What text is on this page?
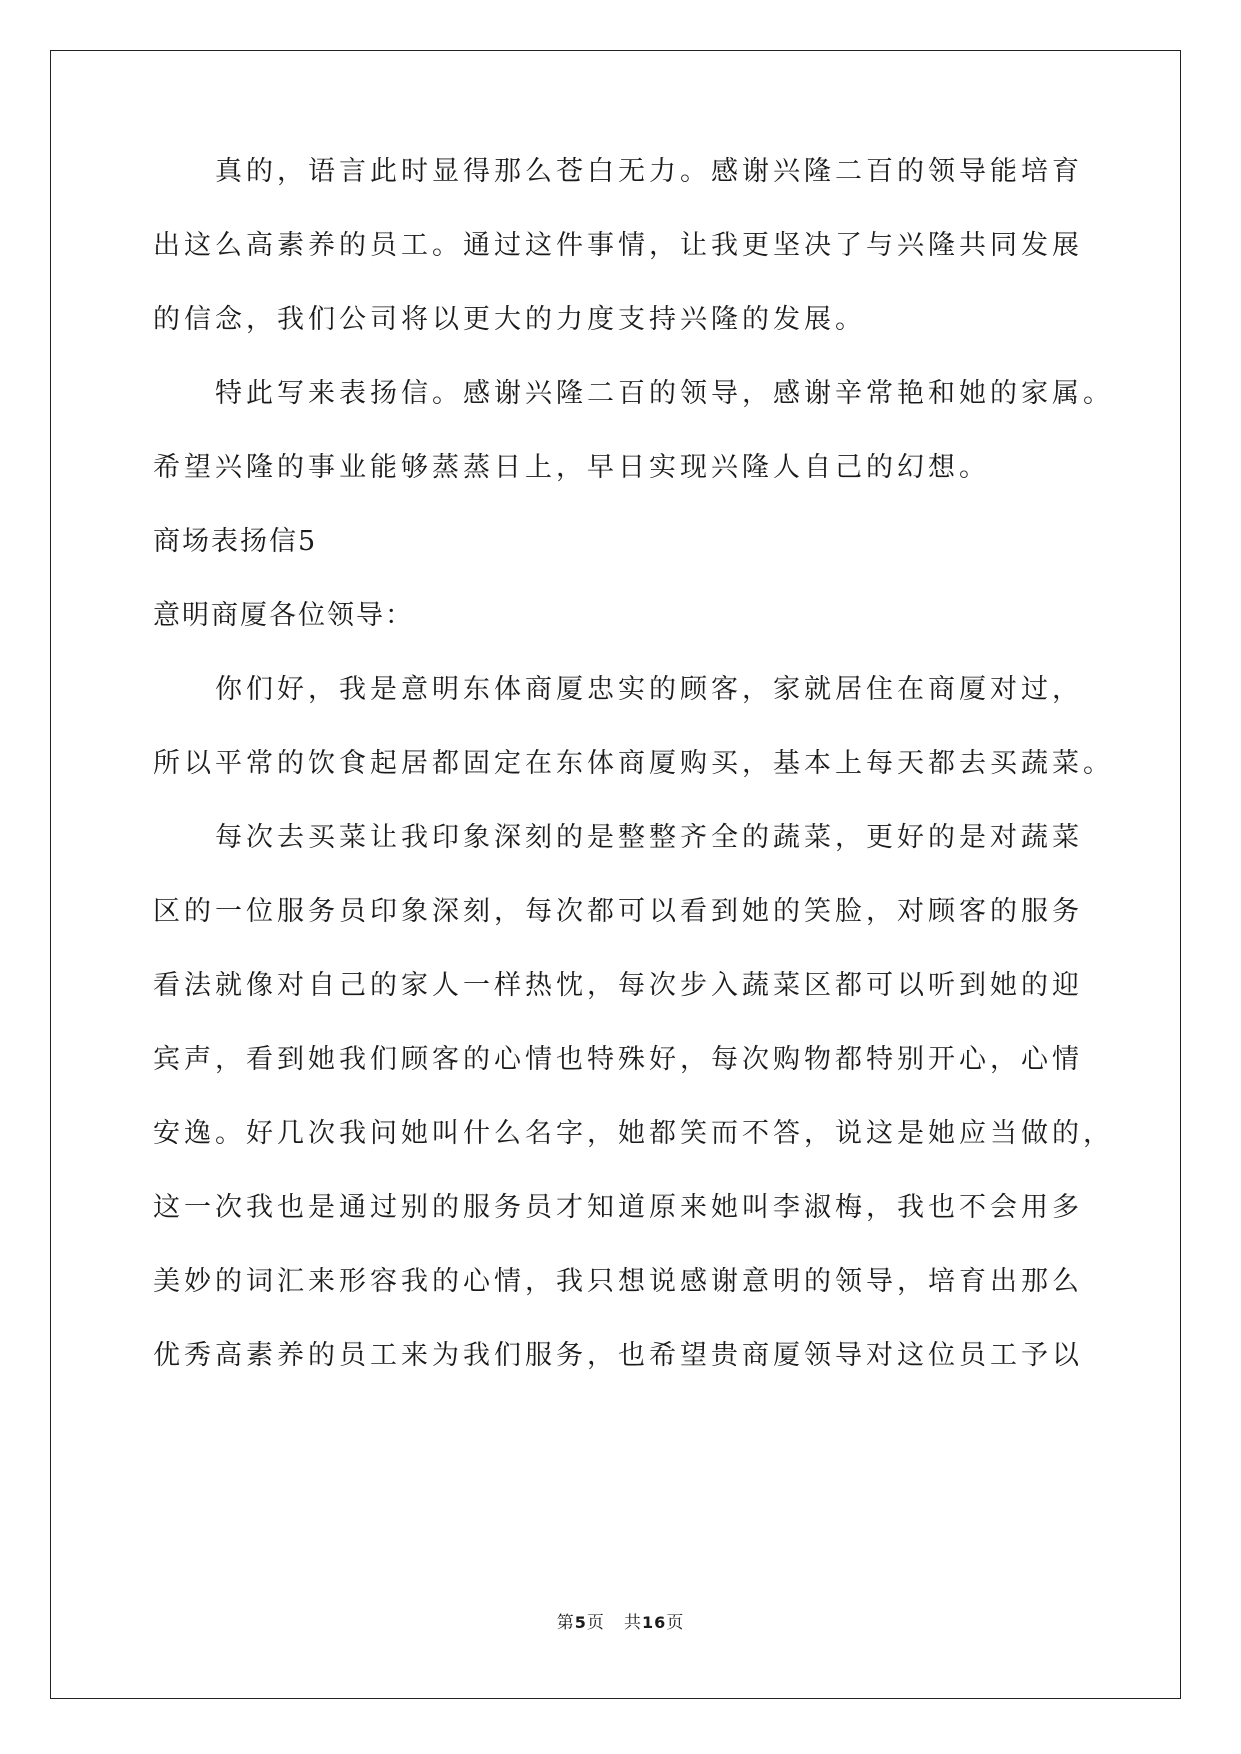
真的，语言此时显得那么苍白无力。感谢兴隆二百的领导能培育
出这么高素养的员工。通过这件事情，让我更坚决了与兴隆共同发展
的信念，我们公司将以更大的力度支持兴隆的发展。
特此写来表扬信。感谢兴隆二百的领导，感谢辛常艳和她的家属。
希望兴隆的事业能够蒸蒸日上，早日实现兴隆人自己的幻想。
商场表扬信5
意明商厦各位领导：
你们好，我是意明东体商厦忠实的顾客，家就居住在商厦对过，
所以平常的饮食起居都固定在东体商厦购买，基本上每天都去买蔬菜。
每次去买菜让我印象深刻的是整整齐全的蔬菜，更好的是对蔬菜
区的一位服务员印象深刻，每次都可以看到她的笑脸，对顾客的服务
看法就像对自己的家人一样热忱，每次步入蔬菜区都可以听到她的迎
宾声，看到她我们顾客的心情也特殊好，每次购物都特别开心，心情
安逸。好几次我问她叫什么名字，她都笑而不答，说这是她应当做的，
这一次我也是通过别的服务员才知道原来她叫李淑梅，我也不会用多
美妙的词汇来形容我的心情，我只想说感谢意明的领导，培育出那么
优秀高素养的员工来为我们服务，也希望贵商厦领导对这位员工予以
第5页 共16页
